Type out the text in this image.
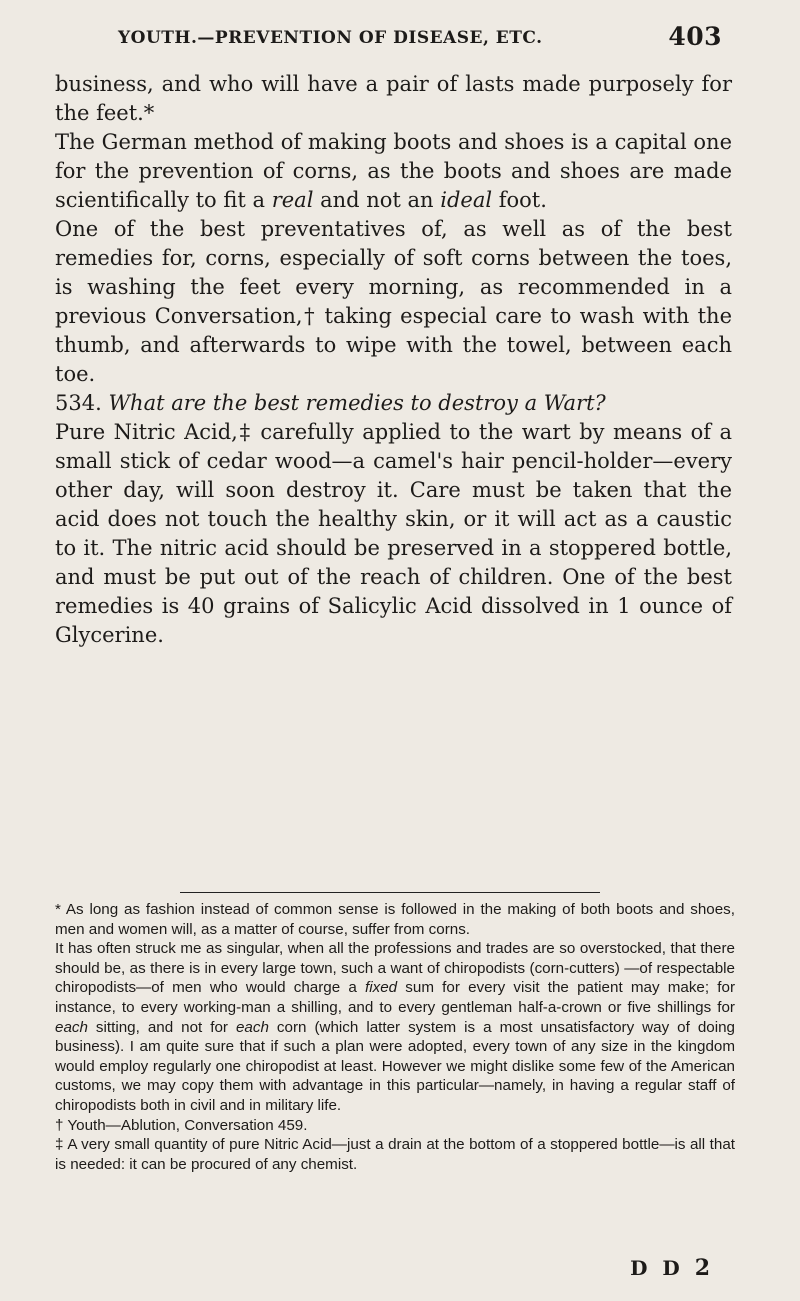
YOUTH.—PREVENTION OF DISEASE, ETC.	403

business, and who will have a pair of lasts made purposely for the feet.*

The German method of making boots and shoes is a capital one for the prevention of corns, as the boots and shoes are made scientifically to fit a real and not an ideal foot.

One of the best preventatives of, as well as of the best remedies for, corns, especially of soft corns between the toes, is washing the feet every morning, as recommended in a previous Conversation,† taking especial care to wash with the thumb, and afterwards to wipe with the towel, between each toe.

534. What are the best remedies to destroy a Wart?

Pure Nitric Acid,‡ carefully applied to the wart by means of a small stick of cedar wood—a camel's hair pencil-holder—every other day, will soon destroy it. Care must be taken that the acid does not touch the healthy skin, or it will act as a caustic to it. The nitric acid should be preserved in a stoppered bottle, and must be put out of the reach of children. One of the best remedies is 40 grains of Salicylic Acid dissolved in 1 ounce of Glycerine.

* As long as fashion instead of common sense is followed in the making of both boots and shoes, men and women will, as a matter of course, suffer from corns.

It has often struck me as singular, when all the professions and trades are so overstocked, that there should be, as there is in every large town, such a want of chiropodists (corn-cutters) —of respectable chiropodists—of men who would charge a fixed sum for every visit the patient may make; for instance, to every working-man a shilling, and to every gentleman half-a-crown or five shillings for each sitting, and not for each corn (which latter system is a most unsatisfactory way of doing business). I am quite sure that if such a plan were adopted, every town of any size in the kingdom would employ regularly one chiropodist at least. However we might dislike some few of the American customs, we may copy them with advantage in this particular—namely, in having a regular staff of chiropodists both in civil and in military life.

† Youth—Ablution, Conversation 459.

‡ A very small quantity of pure Nitric Acid—just a drain at the bottom of a stoppered bottle—is all that is needed: it can be procured of any chemist.

D D 2
